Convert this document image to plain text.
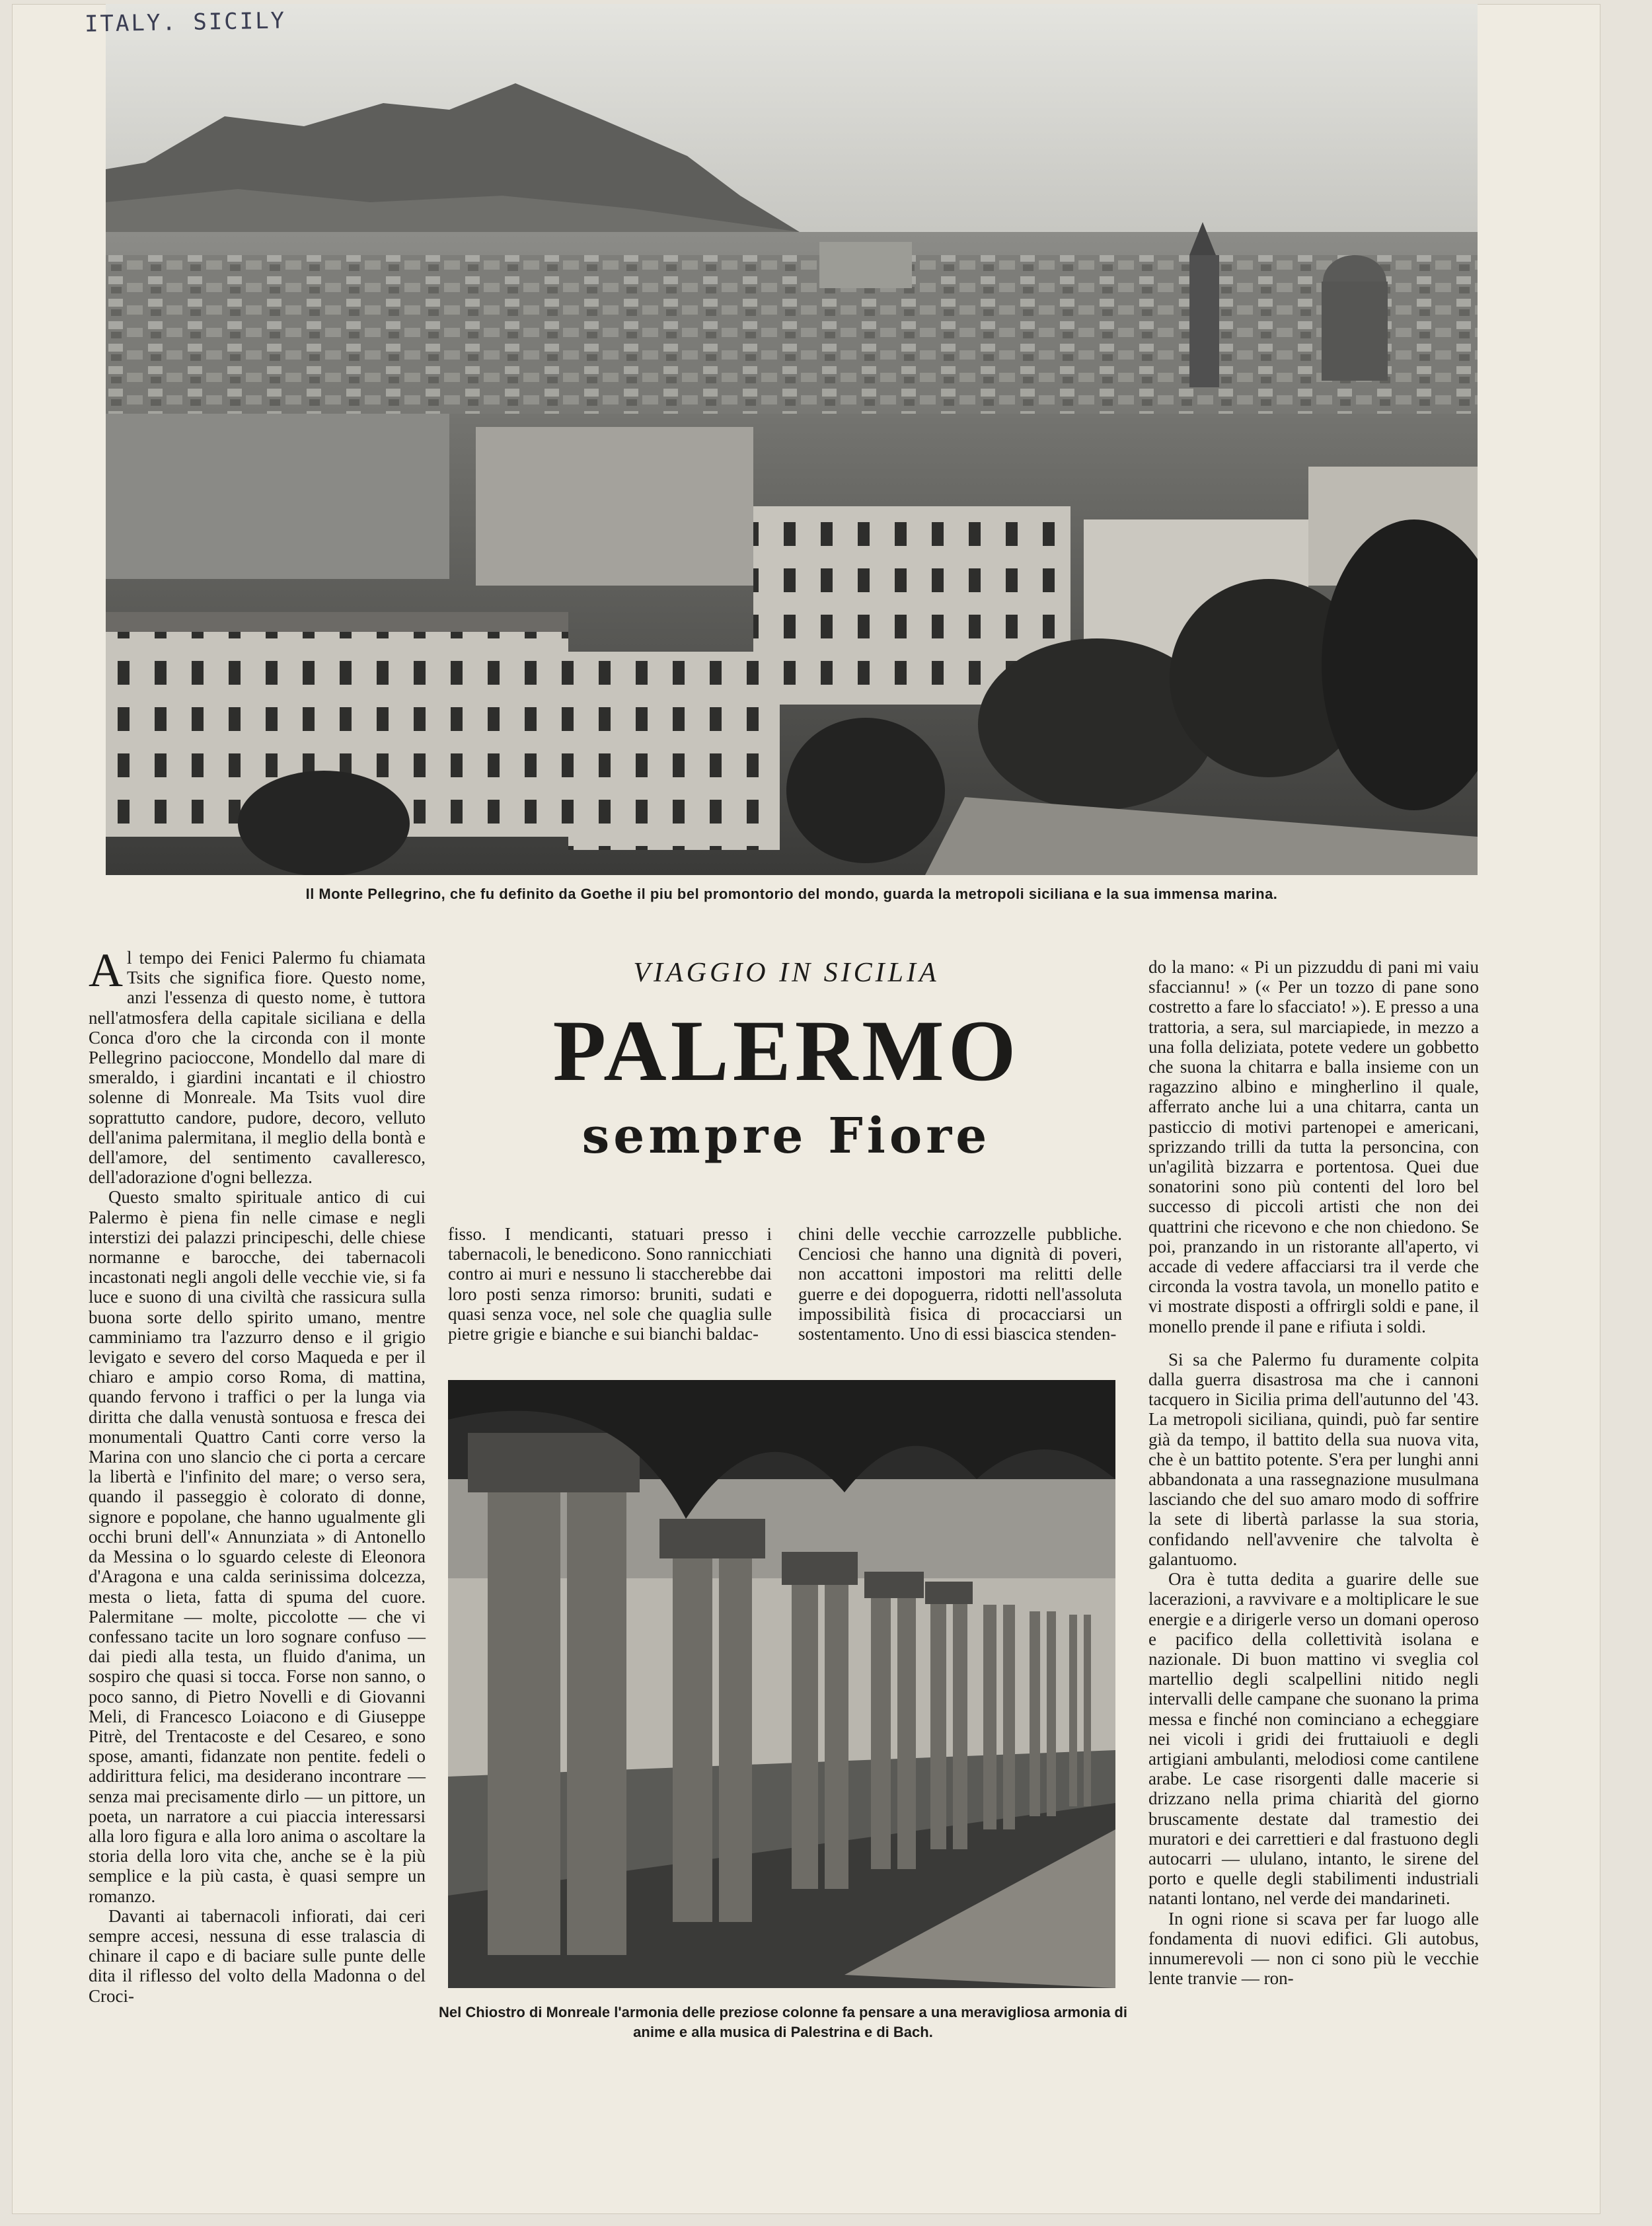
ITALY. SICILY
Il Monte Pellegrino, che fu definito da Goethe il piu bel promontorio del mondo, guarda la metropoli siciliana e la sua immensa marina.

Al tempo dei Fenici Palermo fu chiamata Tsits che significa fiore. Questo nome, anzi l'essenza di questo nome, è tuttora nell'atmosfera della capitale siciliana e della Conca d'oro che la circonda con il monte Pellegrino pacioccone, Mondello dal mare di smeraldo, i giardini incantati e il chiostro solenne di Monreale. Ma Tsits vuol dire soprattutto candore, pudore, decoro, velluto dell'anima palermitana, il meglio della bontà e dell'amore, del sentimento cavalleresco, dell'adorazione d'ogni bellezza.

Questo smalto spirituale antico di cui Palermo è piena fin nelle cimase e negli interstizi dei palazzi principeschi, delle chiese normanne e barocche, dei tabernacoli incastonati negli angoli delle vecchie vie, si fa luce e suono di una civiltà che rassicura sulla buona sorte dello spirito umano, mentre camminiamo tra l'azzurro denso e il grigio levigato e severo del corso Maqueda e per il chiaro e ampio corso Roma, di mattina, quando fervono i traffici o per la lunga via diritta che dalla venustà sontuosa e fresca dei monumentali Quattro Canti corre verso la Marina con uno slancio che ci porta a cercare la libertà e l'infinito del mare; o verso sera, quando il passeggio è colorato di donne, signore e popolane, che hanno ugualmente gli occhi bruni dell'« Annunziata » di Antonello da Messina o lo sguardo celeste di Eleonora d'Aragona e una calda serinissima dolcezza, mesta o lieta, fatta di spuma del cuore. Palermitane — molte, piccolotte — che vi confessano tacite un loro sognare confuso — dai piedi alla testa, un fluido d'anima, un sospiro che quasi si tocca. Forse non sanno, o poco sanno, di Pietro Novelli e di Giovanni Meli, di Francesco Loiacono e di Giuseppe Pitrè, del Trentacoste e del Cesareo, e sono spose, amanti, fidanzate non pentite. fedeli o addirittura felici, ma desiderano incontrare — senza mai precisamente dirlo — un pittore, un poeta, un narratore a cui piaccia interessarsi alla loro figura e alla loro anima o ascoltare la storia della loro vita che, anche se è la più semplice e la più casta, è quasi sempre un romanzo.

Davanti ai tabernacoli infiorati, dai ceri sempre accesi, nessuna di esse tralascia di chinare il capo e di baciare sulle punte delle dita il riflesso del volto della Madonna o del Croci-

VIAGGIO IN SICILIA
PALERMO
sempre Fiore

fisso. I mendicanti, statuari presso i tabernacoli, le benedicono. Sono rannicchiati contro ai muri e nessuno li staccherebbe dai loro posti senza rimorso: bruniti, sudati e quasi senza voce, nel sole che quaglia sulle pietre grigie e bianche e sui bianchi baldac-

chini delle vecchie carrozzelle pubbliche. Cenciosi che hanno una dignità di poveri, non accattoni impostori ma relitti delle guerre e dei dopoguerra, ridotti nell'assoluta impossibilità fisica di procacciarsi un sostentamento. Uno di essi biascica stenden-

do la mano: « Pi un pizzuddu di pani mi vaiu sfacciannu! » (« Per un tozzo di pane sono costretto a fare lo sfacciato! »). E presso a una trattoria, a sera, sul marciapiede, in mezzo a una folla deliziata, potete vedere un gobbetto che suona la chitarra e balla insieme con un ragazzino albino e mingherlino il quale, afferrato anche lui a una chitarra, canta un pasticcio di motivi partenopei e americani, sprizzando trilli da tutta la personcina, con un'agilità bizzarra e portentosa. Quei due sonatorini sono più contenti del loro bel successo di piccoli artisti che non dei quattrini che ricevono e che non chiedono. Se poi, pranzando in un ristorante all'aperto, vi accade di vedere affacciarsi tra il verde che circonda la vostra tavola, un monello patito e vi mostrate disposti a offrirgli soldi e pane, il monello prende il pane e rifiuta i soldi.

Si sa che Palermo fu duramente colpita dalla guerra disastrosa ma che i cannoni tacquero in Sicilia prima dell'autunno del '43. La metropoli siciliana, quindi, può far sentire già da tempo, il battito della sua nuova vita, che è un battito potente. S'era per lunghi anni abbandonata a una rassegnazione musulmana lasciando che del suo amaro modo di soffrire la sete di libertà parlasse la sua storia, confidando nell'avvenire che talvolta è galantuomo.

Ora è tutta dedita a guarire delle sue lacerazioni, a ravvivare e a moltiplicare le sue energie e a dirigerle verso un domani operoso e pacifico della collettività isolana e nazionale. Di buon mattino vi sveglia col martellio degli scalpellini nitido negli intervalli delle campane che suonano la prima messa e finché non cominciano a echeggiare nei vicoli i gridi dei fruttaiuoli e degli artigiani ambulanti, melodiosi come cantilene arabe. Le case risorgenti dalle macerie si drizzano nella prima chiarità del giorno bruscamente destate dal tramestio dei muratori e dei carrettieri e dal frastuono degli autocarri — ululano, intanto, le sirene del porto e quelle degli stabilimenti industriali natanti lontano, nel verde dei mandarineti.

In ogni rione si scava per far luogo alle fondamenta di nuovi edifici. Gli autobus, innumerevoli — non ci sono più le vecchie lente tranvie — ron-

Nel Chiostro di Monreale l'armonia delle preziose colonne fa pensare a una meravigliosa armonia di anime e alla musica di Palestrina e di Bach.
